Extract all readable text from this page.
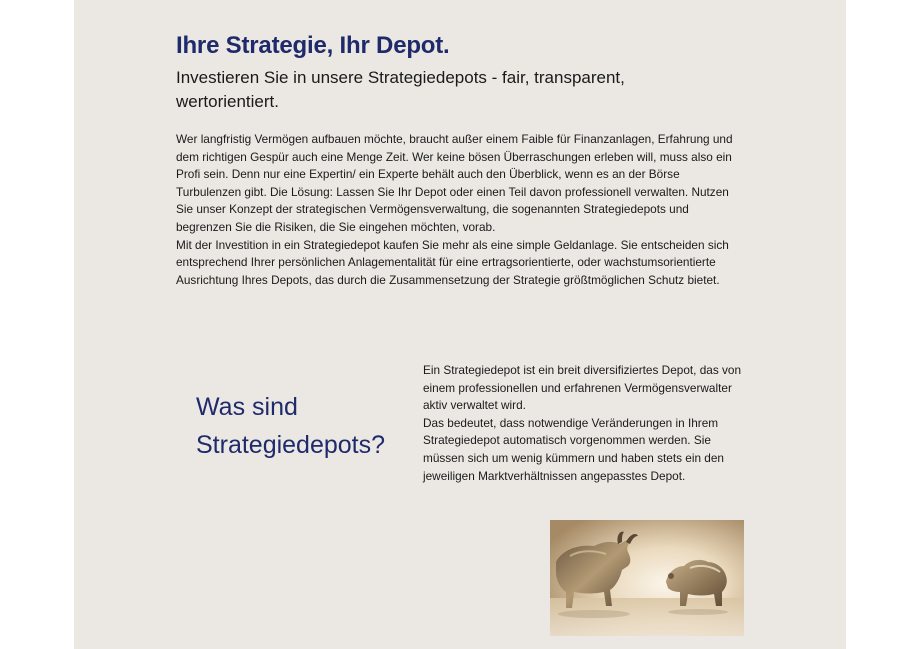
Ihre Strategie, Ihr Depot.

Investieren Sie in unsere Strategiedepots - fair, transparent, wertorientiert.

Wer langfristig Vermögen aufbauen möchte, braucht außer einem Faible für Finanzanlagen, Erfahrung und dem richtigen Gespür auch eine Menge Zeit. Wer keine bösen Überraschungen erleben will, muss also ein Profi sein. Denn nur eine Expertin/ ein Experte behält auch den Überblick, wenn es an der Börse Turbulenzen gibt. Die Lösung: Lassen Sie Ihr Depot oder einen Teil davon professionell verwalten. Nutzen Sie unser Konzept der strategischen Vermögensverwaltung, die sogenannten Strategiedepots und begrenzen Sie die Risiken, die Sie eingehen möchten, vorab.

Mit der Investition in ein Strategiedepot kaufen Sie mehr als eine simple Geldanlage. Sie entscheiden sich entsprechend Ihrer persönlichen Anlagementalität für eine ertragsorientierte, oder wachstumsorientierte Ausrichtung Ihres Depots, das durch die Zusammensetzung der Strategie größtmöglichen Schutz bietet.

Was sind
Strategiedepots?

Ein Strategiedepot ist ein breit diversifiziertes Depot, das von einem professionellen und erfahrenen Vermögensverwalter aktiv verwaltet wird.

Das bedeutet, dass notwendige Veränderungen in Ihrem Strategiedepot automatisch vorgenommen werden. Sie müssen sich um wenig kümmern und haben stets ein den jeweiligen Marktverhältnissen angepasstes Depot.
